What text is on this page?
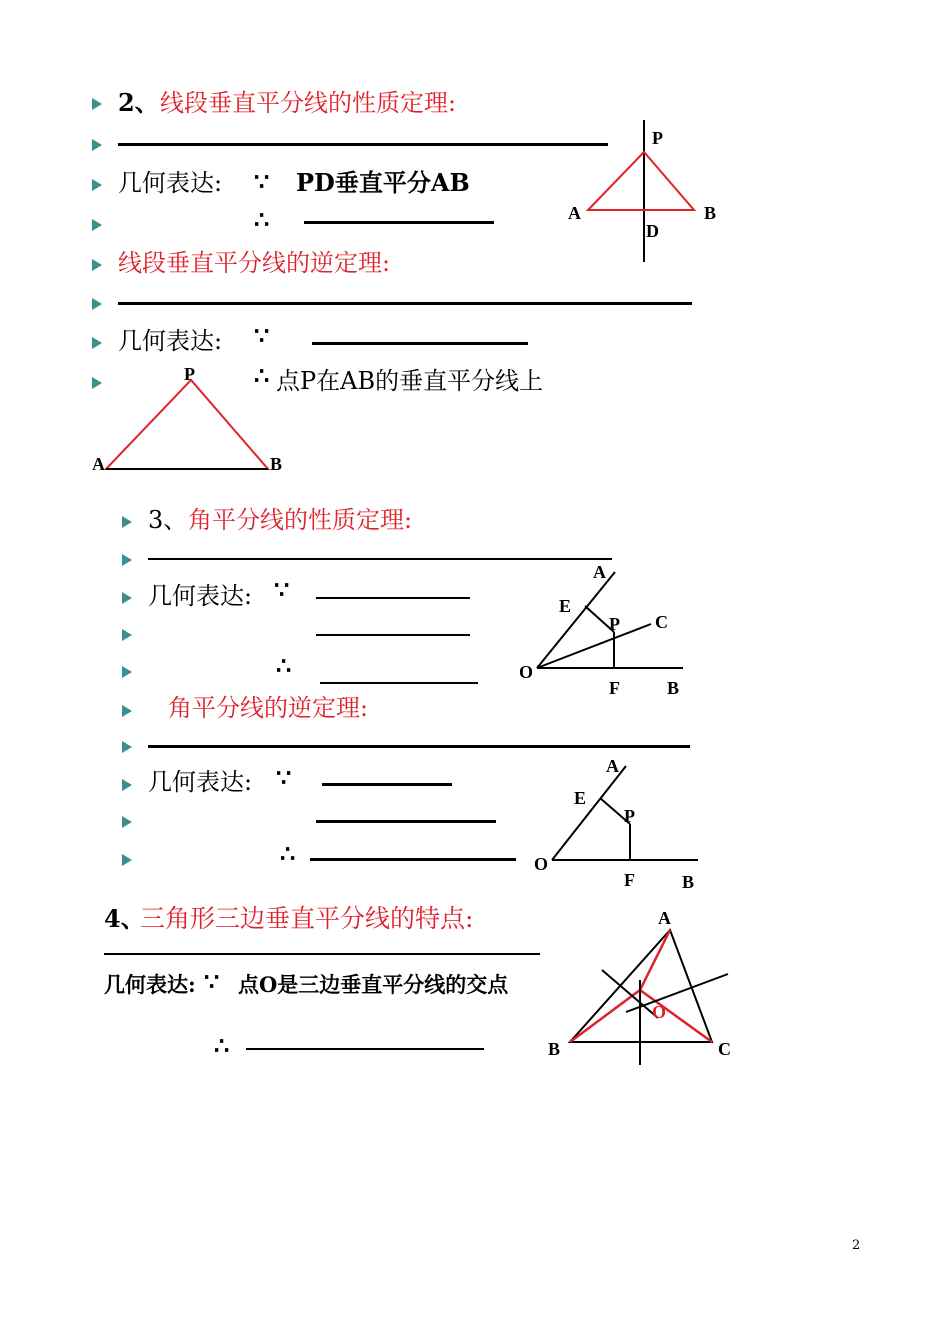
2、 线段垂直平分线的性质定理:
几何表达: ∵ PD垂直平分AB
∴
P
A	B
D
线段垂直平分线的逆定理:
几何表达: ∵
∴ 点P在AB的垂直平分线上
P
A	B
3、 角平分线的性质定理:
几何表达: ∵
∴
A
E
P C
O
F	B
角平分线的逆定理:
几何表达: ∵
∴
A
E
P
O
F	B
4、
三角形三边垂直平分线的特点:
几何表达: ∵ 点O是三边垂直平分线的交点
∴
A
B	C
O
2
